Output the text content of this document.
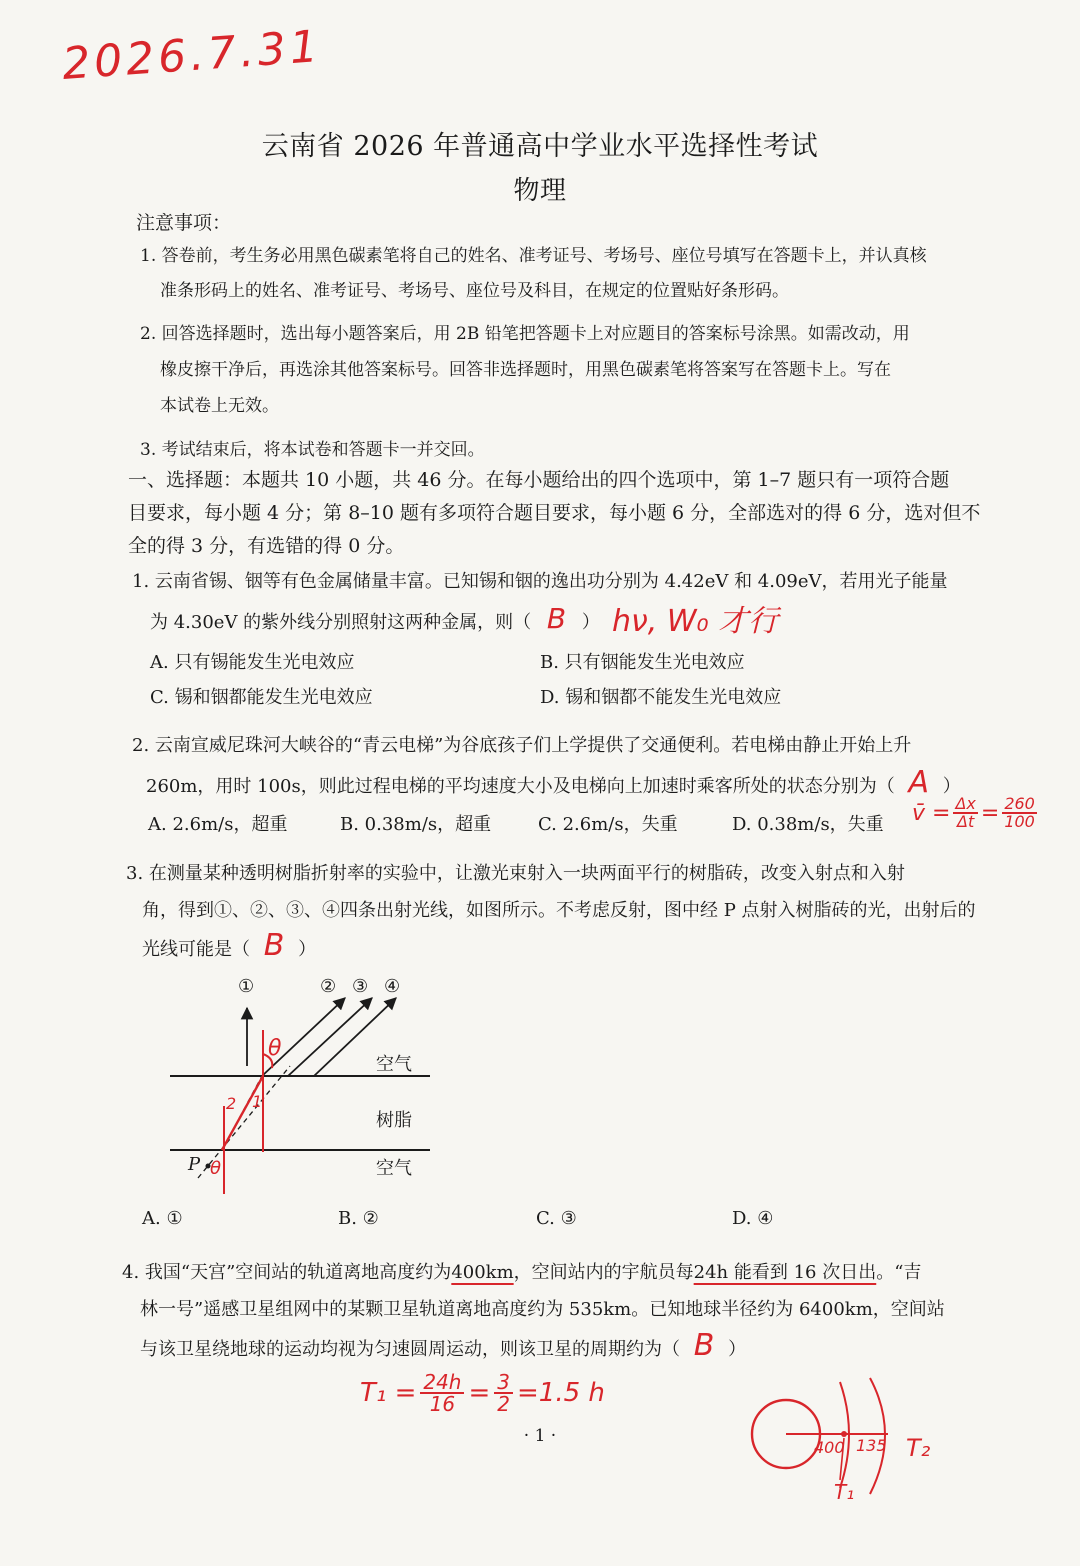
2026.7.31
云南省 2026 年普通高中学业水平选择性考试
物理
注意事项：
1. 答卷前，考生务必用黑色碳素笔将自己的姓名、准考证号、考场号、座位号填写在答题卡上，并认真核
准条形码上的姓名、准考证号、考场号、座位号及科目，在规定的位置贴好条形码。
2. 回答选择题时，选出每小题答案后，用 2B 铅笔把答题卡上对应题目的答案标号涂黑。如需改动，用
橡皮擦干净后，再选涂其他答案标号。回答非选择题时，用黑色碳素笔将答案写在答题卡上。写在
本试卷上无效。
3. 考试结束后，将本试卷和答题卡一并交回。
一、选择题：本题共 10 小题，共 46 分。在每小题给出的四个选项中，第 1–7 题只有一项符合题
目要求，每小题 4 分；第 8–10 题有多项符合题目要求，每小题 6 分，全部选对的得 6 分，选对但不
全的得 3 分，有选错的得 0 分。
1. 云南省锡、铟等有色金属储量丰富。已知锡和铟的逸出功分别为 4.42eV 和 4.09eV，若用光子能量
为 4.30eV 的紫外线分别照射这两种金属，则（ B ） hν, W₀ 才行
A. 只有锡能发生光电效应	B. 只有铟能发生光电效应
C. 锡和铟都能发生光电效应	D. 锡和铟都不能发生光电效应
2. 云南宣威尼珠河大峡谷的“青云电梯”为谷底孩子们上学提供了交通便利。若电梯由静止开始上升
260m，用时 100s，则此过程电梯的平均速度大小及电梯向上加速时乘客所处的状态分别为（ A ）
A. 2.6m/s，超重	B. 0.38m/s，超重	C. 2.6m/s，失重	D. 0.38m/s，失重 v̄ = $\frac{\Delta x}{\Delta t} = \frac{260}{100}$
3. 在测量某种透明树脂折射率的实验中，让激光束射入一块两面平行的树脂砖，改变入射点和入射
角，得到①、②、③、④四条出射光线，如图所示。不考虑反射，图中经 P 点射入树脂砖的光，出射后的
光线可能是（ B ）
θ
2 1
θ
①	② ③ ④
空气
树脂
空气
P
A. ①	B. ②	C. ③	D. ④
4. 我国“天宫”空间站的轨道离地高度约为400km，空间站内的宇航员每24h 能看到 16 次日出。“吉
林一号”遥感卫星组网中的某颗卫星轨道离地高度约为 535km。已知地球半径约为 6400km，空间站
与该卫星绕地球的运动均视为匀速圆周运动，则该卫星的周期约为（ B ）
$T_1 = \frac{24h}{16} = \frac{3}{2} =1.5$ h
400 135
T₁
T₂
· 1 ·
